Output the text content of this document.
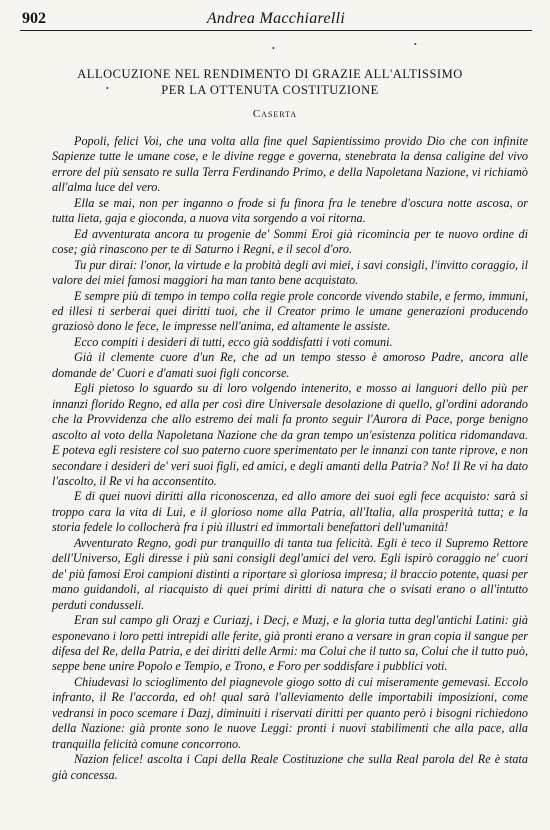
902	Andrea Macchiarelli
ALLOCUZIONE NEL RENDIMENTO DI GRAZIE ALL'ALTISSIMO
PER LA OTTENUTA COSTITUZIONE
Caserta

Popoli, felici Voi, che una volta alla fine quel Sapientissimo provido Dio che con infinite Sapienze tutte le umane cose, e le divine regge e governa, stenebrata la densa caligine del vivo errore del più sensato re sulla Terra Ferdinando Primo, e della Napoletana Nazione, vi richiamò all'alma luce del vero.

Ella se mai, non per inganno o frode si fu finora fra le tenebre d'oscura notte ascosa, or tutta lieta, gaja e gioconda, a nuova vita sorgendo a voi ritorna.

Ed avventurata ancora tu progenie de' Sommi Eroi già ricomincia per te nuovo ordine di cose; già rinascono per te di Saturno i Regni, e il secol d'oro.

Tu pur dirai: l'onor, la virtude e la probità degli avi miei, i savi consigli, l'invitto coraggio, il valore dei miei famosi maggiori ha man tanto bene acquistato.

E sempre più di tempo in tempo colla regie prole concorde vivendo stabile, e fermo, immuni, ed illesi ti serberai quei diritti tuoi, che il Creator primo le umane generazioni producendo graziosò dono le fece, le impresse nell'anima, ed altamente le assiste.

Ecco compiti i desideri di tutti, ecco già soddisfatti i voti comuni.

Già il clemente cuore d'un Re, che ad un tempo stesso è amoroso Padre, ancora alle domande de' Cuori e d'amati suoi figli concorse.

Egli pietoso lo sguardo su di loro volgendo intenerito, e mosso ai languori dello più per innanzi florido Regno, ed alla per così dire Universale desolazione di quello, gl'ordini adorando che la Provvidenza che allo estremo dei mali fa pronto seguir l'Aurora di Pace, porge benigno ascolto al voto della Napoletana Nazione che da gran tempo un'esistenza politica ridomandava. E poteva egli resistere col suo paterno cuore sperimentato per le innanzi con tante riprove, e non secondare i desideri de' veri suoi figli, ed amici, e degli amanti della Patria? No! Il Re vi ha dato l'ascolto, il Re vi ha acconsentito.

E di quei nuovi diritti alla riconoscenza, ed allo amore dei suoi egli fece acquisto: sarà sì troppo cara la vita di Lui, e il glorioso nome alla Patria, all'Italia, alla prosperità tutta; e la storia fedele lo collocherà fra i più illustri ed immortali benefattori dell'umanità!

Avventurato Regno, godi pur tranquillo di tanta tua felicità. Egli è teco il Supremo Rettore dell'Universo, Egli diresse i più sani consigli degl'amici del vero. Egli ispirò coraggio ne' cuori de' più famosi Eroi campioni distinti a riportare sì gloriosa impresa; il braccio potente, quasi per mano guidandoli, al riacquisto di quei primi diritti di natura che o svisati erano o all'intutto perduti condusseli.

Eran sul campo gli Orazj e Curiazj, i Decj, e Muzj, e la gloria tutta degl'antichi Latini: già esponevano i loro petti intrepidi alle ferite, già pronti erano a versare in gran copia il sangue per difesa del Re, della Patria, e dei diritti delle Armi: ma Colui che il tutto sa, Colui che il tutto può, seppe bene unire Popolo e Tempio, e Trono, e Foro per soddisfare i pubblici voti.

Chiudevasi lo scioglimento del piagnevole giogo sotto di cui miseramente gemevasi. Eccolo infranto, il Re l'accorda, ed oh! qual sarà l'alleviamento delle importabili imposizioni, come vedransi in poco scemare i Dazj, diminuiti i riservati diritti per quanto però i bisogni richiedono della Nazione: già pronte sono le nuove Leggi: pronti i nuovi stabilimenti che alla pace, alla tranquilla felicità comune concorrono.

Nazion felice! ascolta i Capi della Reale Costituzione che sulla Real parola del Re è stata già concessa.

•	•
•
